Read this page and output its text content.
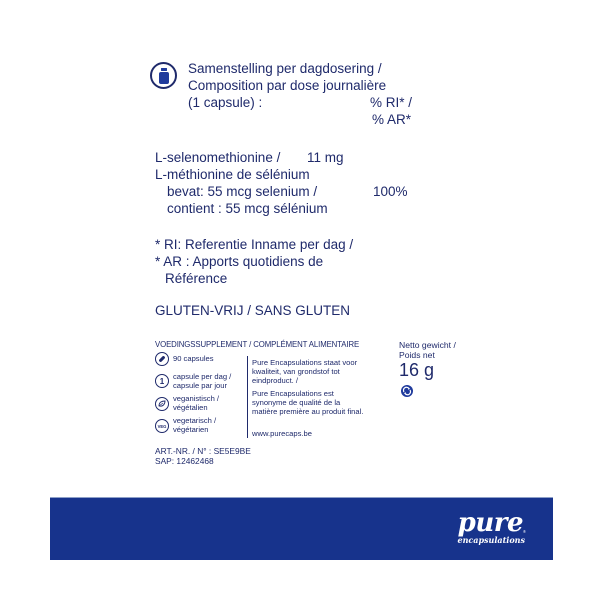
Samenstelling per dagdosering /
Composition par dose journalière
(1 capsule) :	% RI* /
% AR*
L-selenomethionine / 11 mg
L-méthionine de sélénium
bevat: 55 mcg selenium /	100%
contient : 55 mcg sélénium
* RI: Referentie Inname per dag /
* AR : Apports quotidiens de
Référence
GLUTEN-VRIJ / SANS GLUTEN
VOEDINGSSUPPLEMENT / COMPLÉMENT ALIMENTAIRE
90 capsules
1 capsule per dag /
capsule par jour
veganistisch /
végétalien
VEG
vegetarisch /
végétarien
Pure Encapsulations staat voor
kwaliteit, van grondstof tot
eindproduct. /
Pure Encapsulations est
synonyme de qualité de la
matière première au produit final.
www.purecaps.be
Netto gewicht /
Poids net
16 g
ART.-NR. / N° : SE5E9BE
SAP: 12462468
pure ®
encapsulations
